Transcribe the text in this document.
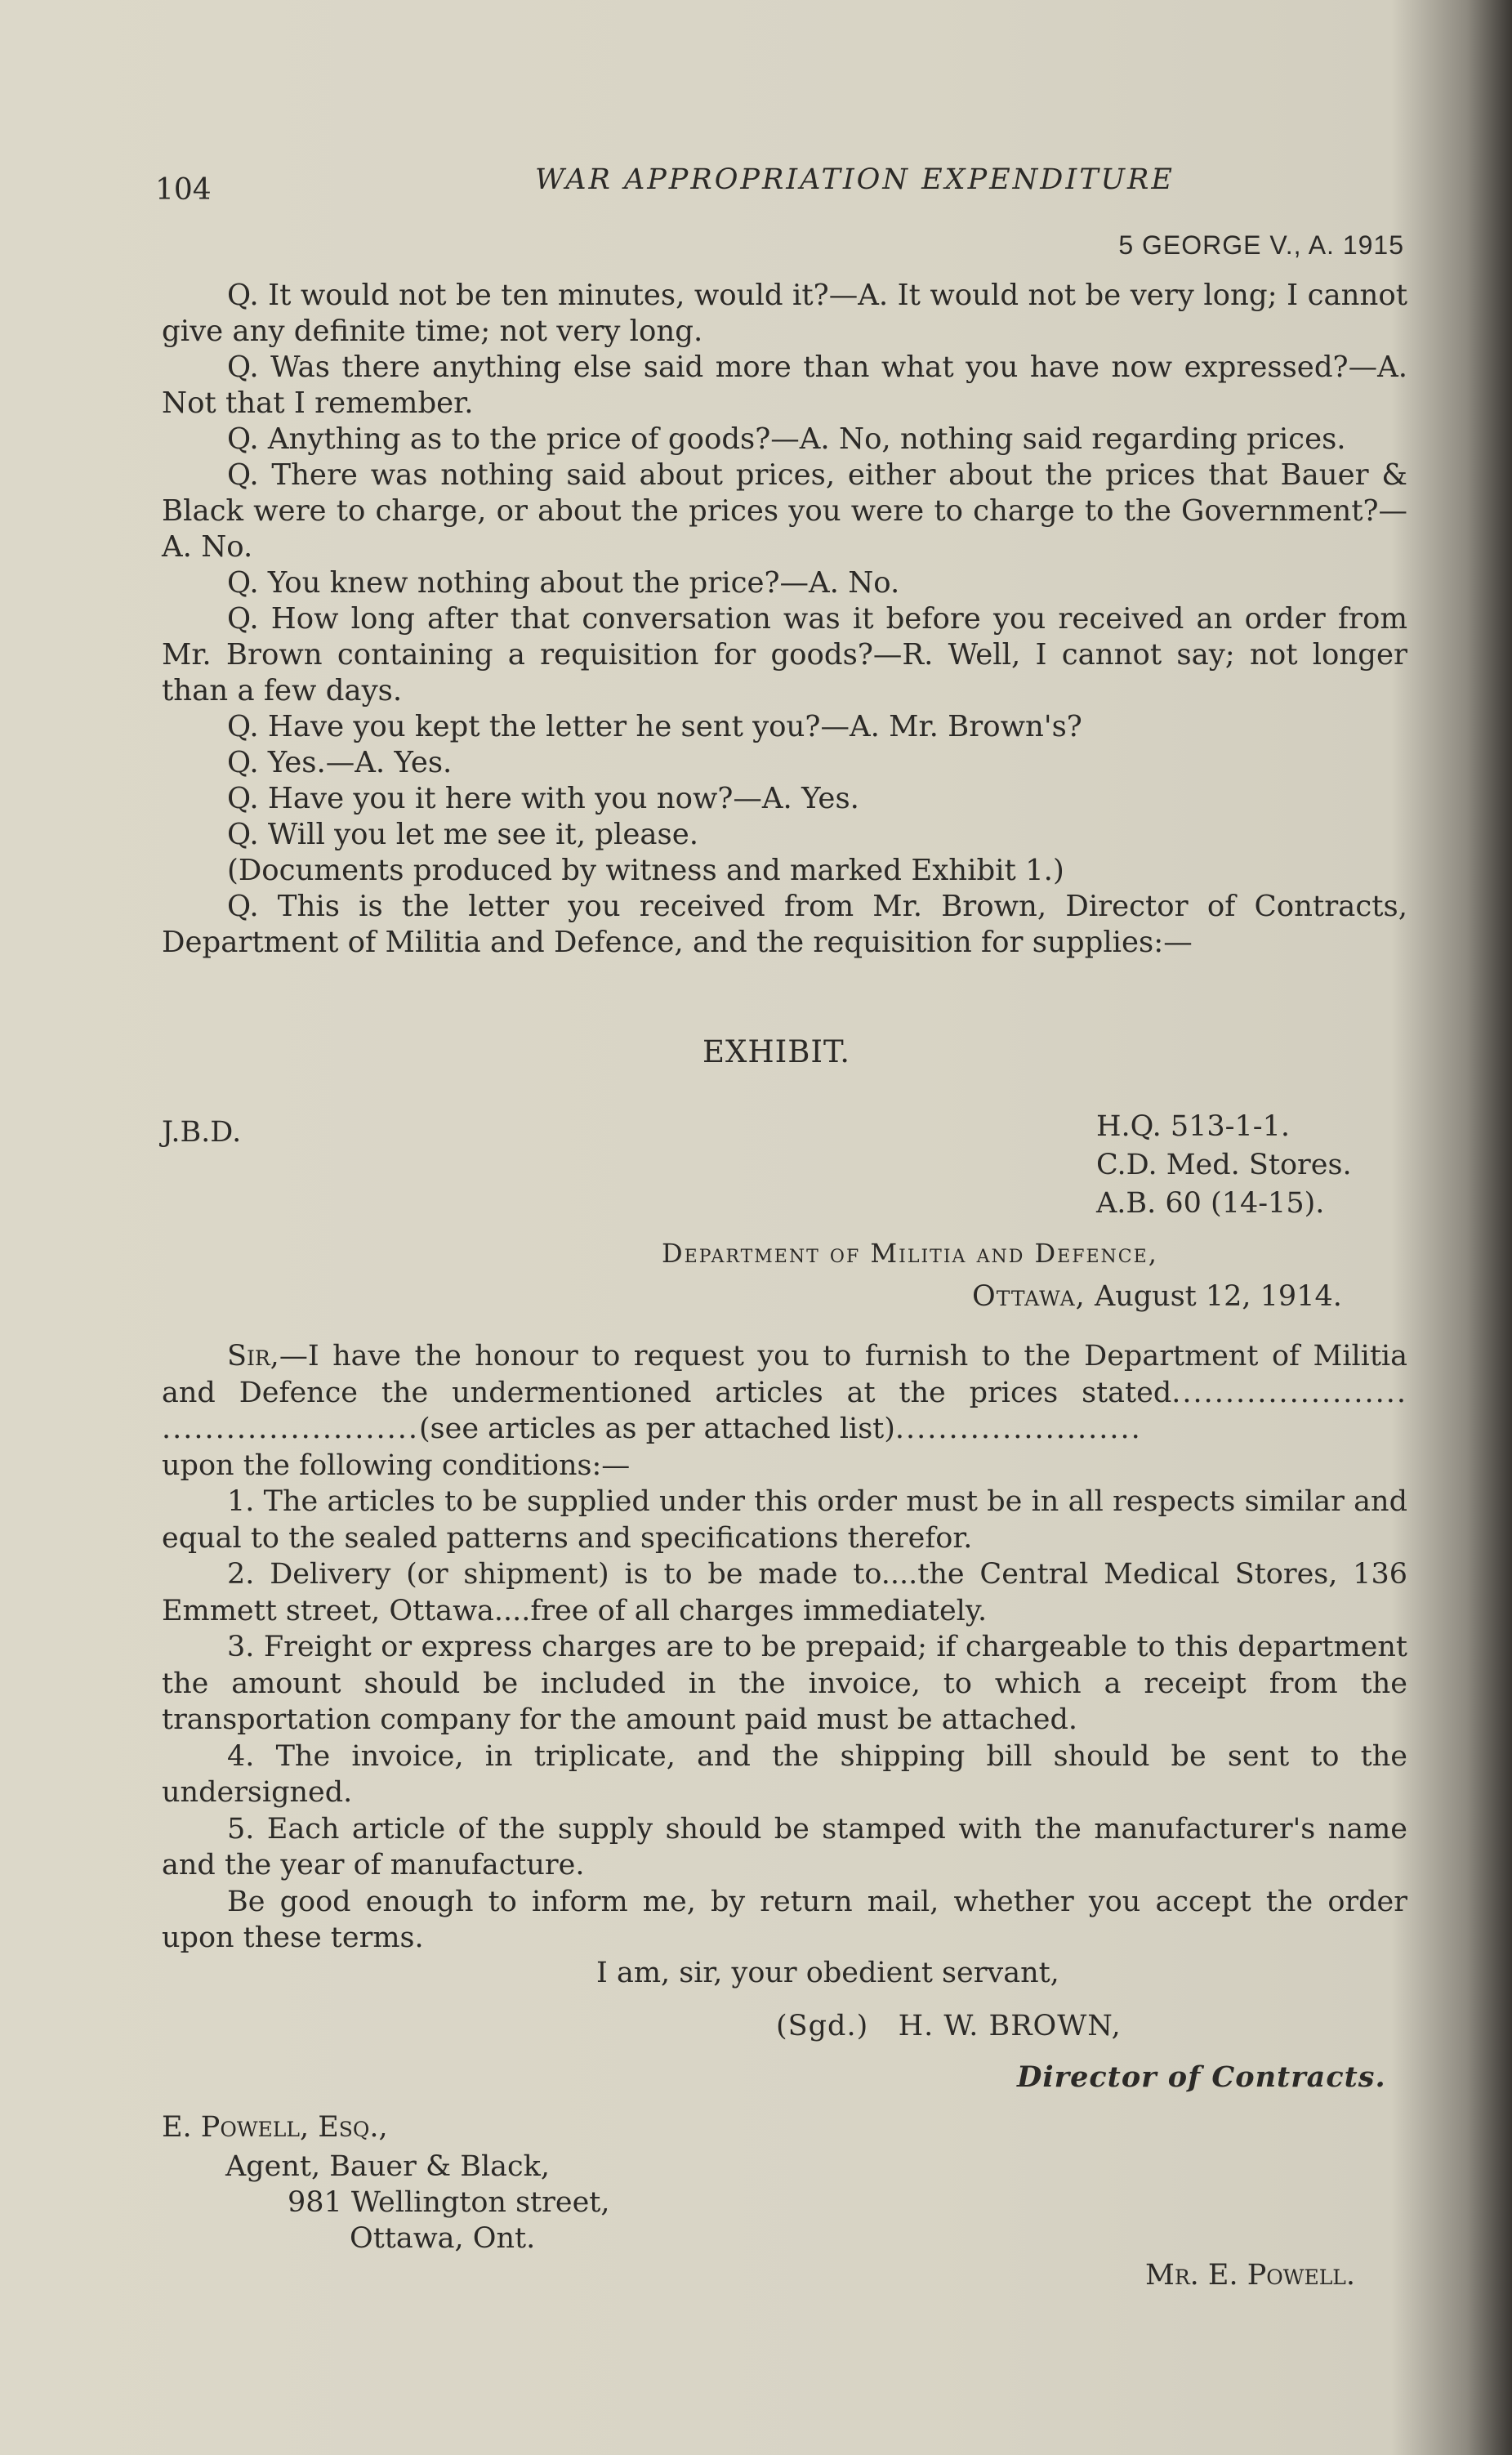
104	WAR APPROPRIATION EXPENDITURE
5 GEORGE V., A. 1915

Q. It would not be ten minutes, would it?—A. It would not be very long; I cannot give any definite time; not very long.

Q. Was there anything else said more than what you have now expressed?—A. Not that I remember.

Q. Anything as to the price of goods?—A. No, nothing said regarding prices.

Q. There was nothing said about prices, either about the prices that Bauer & Black were to charge, or about the prices you were to charge to the Government?—A. No.

Q. You knew nothing about the price?—A. No.

Q. How long after that conversation was it before you received an order from Mr. Brown containing a requisition for goods?—R. Well, I cannot say; not longer than a few days.

Q. Have you kept the letter he sent you?—A. Mr. Brown's?

Q. Yes.—A. Yes.

Q. Have you it here with you now?—A. Yes.

Q. Will you let me see it, please.

(Documents produced by witness and marked Exhibit 1.)

Q. This is the letter you received from Mr. Brown, Director of Contracts, Department of Militia and Defence, and the requisition for supplies:—

EXHIBIT.
J.B.D.	H.Q. 513-1-1.
C.D. Med. Stores.
A.B. 60 (14-15).
Department of Militia and Defence,
Ottawa, August 12, 1914.

Sir,—I have the honour to request you to furnish to the Department of Militia and Defence the undermentioned articles at the prices stated...................... ........................(see articles as per attached list).......................

upon the following conditions:—

1. The articles to be supplied under this order must be in all respects similar and equal to the sealed patterns and specifications therefor.

2. Delivery (or shipment) is to be made to....the Central Medical Stores, 136 Emmett street, Ottawa....free of all charges immediately.

3. Freight or express charges are to be prepaid; if chargeable to this department the amount should be included in the invoice, to which a receipt from the transportation company for the amount paid must be attached.

4. The invoice, in triplicate, and the shipping bill should be sent to the undersigned.

5. Each article of the supply should be stamped with the manufacturer's name and the year of manufacture.

Be good enough to inform me, by return mail, whether you accept the order upon these terms.

I am, sir, your obedient servant,
(Sgd.)   H. W. BROWN,
Director of Contracts.
E. Powell, Esq.,
Agent, Bauer & Black,
981 Wellington street,
Ottawa, Ont.
Mr. E. Powell.
